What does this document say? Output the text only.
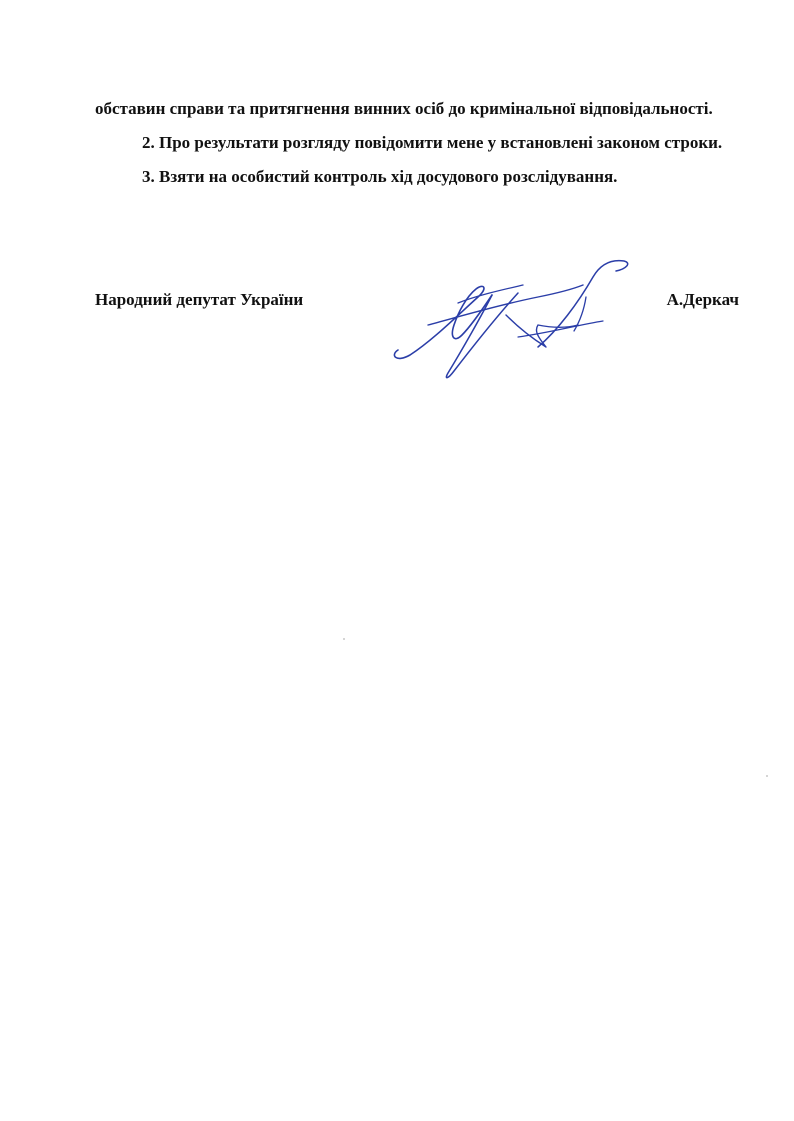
обставин справи та притягнення винних осіб до кримінальної відповідальності.

2. Про результати розгляду повідомити мене у встановлені законом строки.

3. Взяти на особистий контроль хід досудового розслідування.

Народний депутат України	А.Деркач
